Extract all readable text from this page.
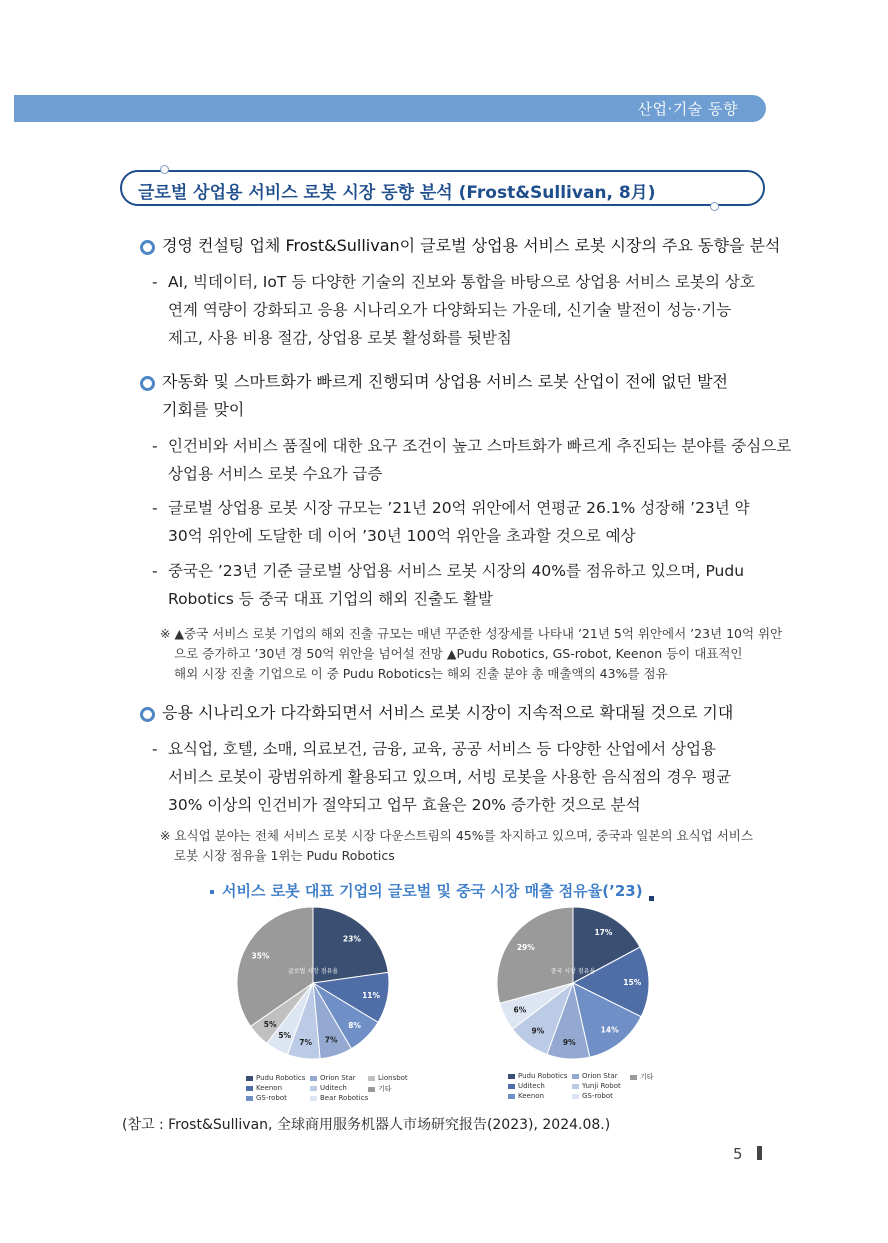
산업·기술 동향
글로벌 상업용 서비스 로봇 시장 동향 분석 (Frost&Sullivan, 8月)
경영 컨설팅 업체 Frost&Sullivan이 글로벌 상업용 서비스 로봇 시장의 주요 동향을 분석
- AI, 빅데이터, IoT 등 다양한 기술의 진보와 통합을 바탕으로 상업용 서비스 로봇의 상호
연계 역량이 강화되고 응용 시나리오가 다양화되는 가운데, 신기술 발전이 성능·기능
제고, 사용 비용 절감, 상업용 로봇 활성화를 뒷받침
자동화 및 스마트화가 빠르게 진행되며 상업용 서비스 로봇 산업이 전에 없던 발전
기회를 맞이
- 인건비와 서비스 품질에 대한 요구 조건이 높고 스마트화가 빠르게 추진되는 분야를 중심으로
상업용 서비스 로봇 수요가 급증
- 글로벌 상업용 로봇 시장 규모는 ’21년 20억 위안에서 연평균 26.1% 성장해 ’23년 약
30억 위안에 도달한 데 이어 ’30년 100억 위안을 초과할 것으로 예상
- 중국은 ’23년 기준 글로벌 상업용 서비스 로봇 시장의 40%를 점유하고 있으며, Pudu
Robotics 등 중국 대표 기업의 해외 진출도 활발
※ ▲중국 서비스 로봇 기업의 해외 진출 규모는 매년 꾸준한 성장세를 나타내 ’21년 5억 위안에서 ’23년 10억 위안
으로 증가하고 ’30년 경 50억 위안을 넘어설 전망 ▲Pudu Robotics, GS-robot, Keenon 등이 대표적인
해외 시장 진출 기업으로 이 중 Pudu Robotics는 해외 진출 분야 총 매출액의 43%를 점유
응용 시나리오가 다각화되면서 서비스 로봇 시장이 지속적으로 확대될 것으로 기대
- 요식업, 호텔, 소매, 의료보건, 금융, 교육, 공공 서비스 등 다양한 산업에서 상업용
서비스 로봇이 광범위하게 활용되고 있으며, 서빙 로봇을 사용한 음식점의 경우 평균
30% 이상의 인건비가 절약되고 업무 효율은 20% 증가한 것으로 분석
※ 요식업 분야는 전체 서비스 로봇 시장 다운스트림의 45%를 차지하고 있으며, 중국과 일본의 요식업 서비스
로봇 시장 점유율 1위는 Pudu Robotics
서비스 로봇 대표 기업의 글로벌 및 중국 시장 매출 점유율(’23)
23%
11%
8%
7%
7%
5%
5%
35%
글로벌 시장 점유율
17%
15%
14%
9%
9%
6%
29%
중국 시장 점유율
Pudu Robotics
Keenon
GS-robot
Orion Star
Uditech
Bear Robotics
Lionsbot
기타
Pudu Robotics
Uditech
Keenon
Orion Star
Yunji Robot
GS-robot
기타
(참고 : Frost&Sullivan, 全球商用服务机器人市场研究报告(2023), 2024.08.)
5
